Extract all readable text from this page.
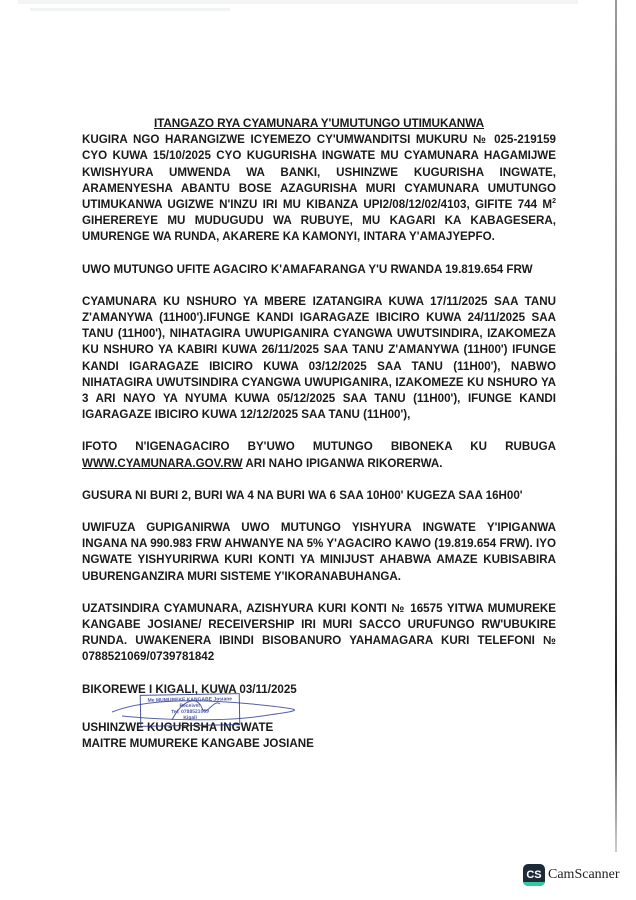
ITANGAZO RYA CYAMUNARA Y'UMUTUNGO UTIMUKANWA

KUGIRA NGO HARANGIZWE ICYEMEZO CY'UMWANDITSI MUKURU № 025-219159 CYO KUWA 15/10/2025 CYO KUGURISHA INGWATE MU CYAMUNARA HAGAMIJWE KWISHYURA UMWENDA WA BANKI, USHINZWE KUGURISHA INGWATE, ARAMENYESHA ABANTU BOSE AZAGURISHA MURI CYAMUNARA UMUTUNGO UTIMUKANWA UGIZWE N'INZU IRI MU KIBANZA UPI2/08/12/02/4103, GIFITE 744 $M^2$ GIHEREREYE MU MUDUGUDU WA RUBUYE, MU KAGARI KA KABAGESERA, UMURENGE WA RUNDA, AKARERE KA KAMONYI, INTARA Y'AMAJYEPFO.

UWO MUTUNGO UFITE AGACIRO K'AMAFARANGA Y'U RWANDA 19.819.654 FRW

CYAMUNARA KU NSHURO YA MBERE IZATANGIRA KUWA 17/11/2025 SAA TANU Z'AMANYWA (11H00').IFUNGE KANDI IGARAGAZE IBICIRO KUWA 24/11/2025 SAA TANU (11H00'), NIHATAGIRA UWUPIGANIRA CYANGWA UWUTSINDIRA, IZAKOMEZA KU NSHURO YA KABIRI KUWA 26/11/2025 SAA TANU Z'AMANYWA (11H00') IFUNGE KANDI IGARAGAZE IBICIRO KUWA 03/12/2025 SAA TANU (11H00'), NABWO NIHATAGIRA UWUTSINDIRA CYANGWA UWUPIGANIRA, IZAKOMEZE KU NSHURO YA 3 ARI NAYO YA NYUMA KUWA 05/12/2025 SAA TANU (11H00'), IFUNGE KANDI IGARAGAZE IBICIRO KUWA 12/12/2025 SAA TANU (11H00'),

IFOTO N'IGENAGACIRO BY'UWO MUTUNGO BIBONEKA KU RUBUGA WWW.CYAMUNARA.GOV.RW ARI NAHO IPIGANWA RIKORERWA.

GUSURA NI BURI 2, BURI WA 4 NA BURI WA 6 SAA 10H00' KUGEZA SAA 16H00'

UWIFUZA GUPIGANIRWA UWO MUTUNGO YISHYURA INGWATE Y'IPIGANWA INGANA NA 990.983 FRW AHWANYE NA 5% Y'AGACIRO KAWO (19.819.654 FRW). IYO NGWATE YISHYURIRWA KURI KONTI YA MINIJUST AHABWA AMAZE KUBISABIRA UBURENGANZIRA MURI SISTEME Y'IKORANABUHANGA.

UZATSINDIRA CYAMUNARA, AZISHYURA KURI KONTI № 16575 YITWA MUMUREKE KANGABE JOSIANE/ RECEIVERSHIP IRI MURI SACCO URUFUNGO RW'UBUKIRE RUNDA. UWAKENERA IBINDI BISOBANURO YAHAMAGARA KURI TELEFONI № 0788521069/0739781842

BIKOREWE I KIGALI, KUWA 03/11/2025

USHINZWE KUGURISHA INGWATE

MAITRE MUMUREKE KANGABE JOSIANE

Me MUMUREKE KANGABE Josiane
Receiver
Tel: 0788521069
Kigali
CS CamScanner
